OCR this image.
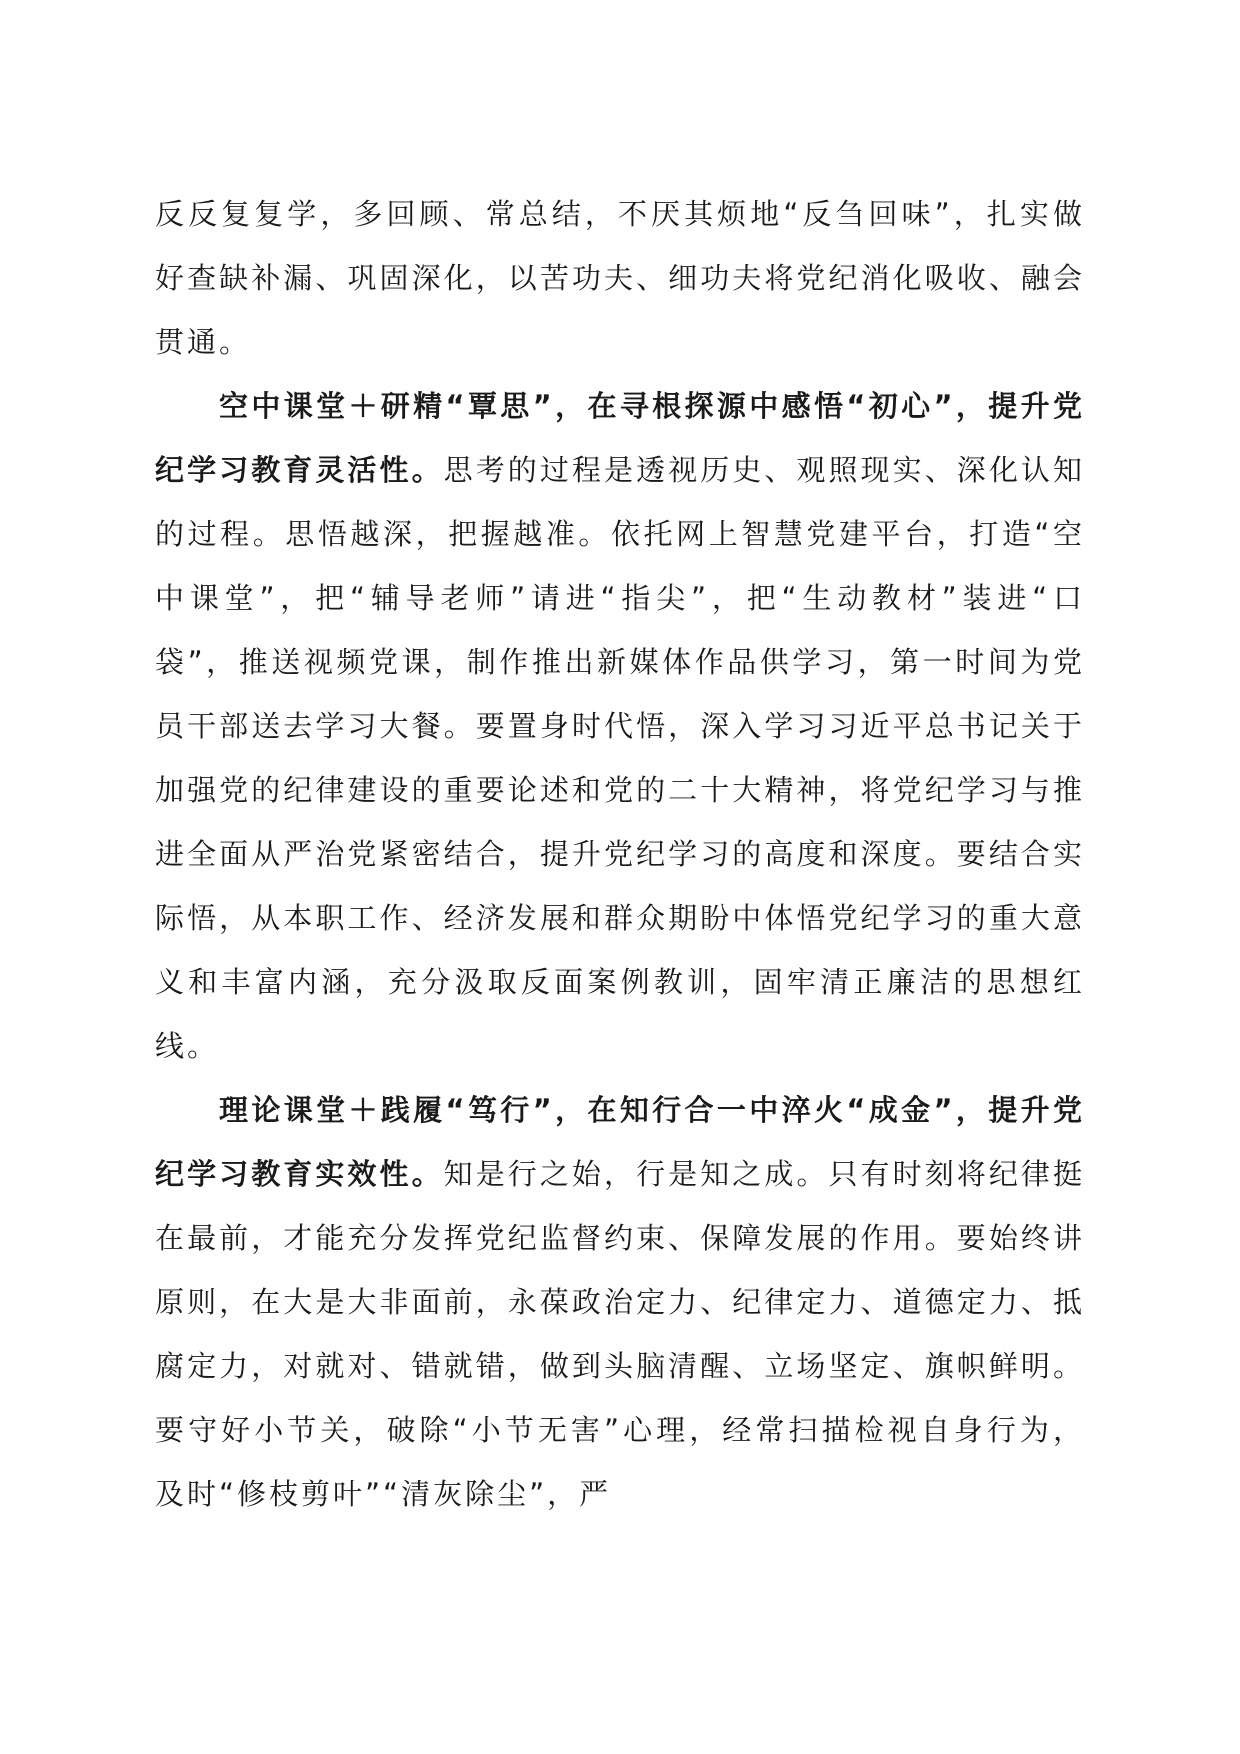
反反复复学，多回顾、常总结，不厌其烦地“反刍回味”，扎实做好查缺补漏、巩固深化，以苦功夫、细功夫将党纪消化吸收、融会贯通。

空中课堂＋研精“覃思”，在寻根探源中感悟“初心”，提升党纪学习教育灵活性。思考的过程是透视历史、观照现实、深化认知的过程。思悟越深，把握越准。依托网上智慧党建平台，打造“空中课堂”，把“辅导老师”请进“指尖”，把“生动教材”装进“口袋”，推送视频党课，制作推出新媒体作品供学习，第一时间为党员干部送去学习大餐。要置身时代悟，深入学习习近平总书记关于加强党的纪律建设的重要论述和党的二十大精神，将党纪学习与推进全面从严治党紧密结合，提升党纪学习的高度和深度。要结合实际悟，从本职工作、经济发展和群众期盼中体悟党纪学习的重大意义和丰富内涵，充分汲取反面案例教训，固牢清正廉洁的思想红线。

理论课堂＋践履“笃行”，在知行合一中淬火“成金”，提升党纪学习教育实效性。知是行之始，行是知之成。只有时刻将纪律挺在最前，才能充分发挥党纪监督约束、保障发展的作用。要始终讲原则，在大是大非面前，永葆政治定力、纪律定力、道德定力、抵腐定力，对就对、错就错，做到头脑清醒、立场坚定、旗帜鲜明。要守好小节关，破除“小节无害”心理，经常扫描检视自身行为，及时“修枝剪叶”“清灰除尘”，严
